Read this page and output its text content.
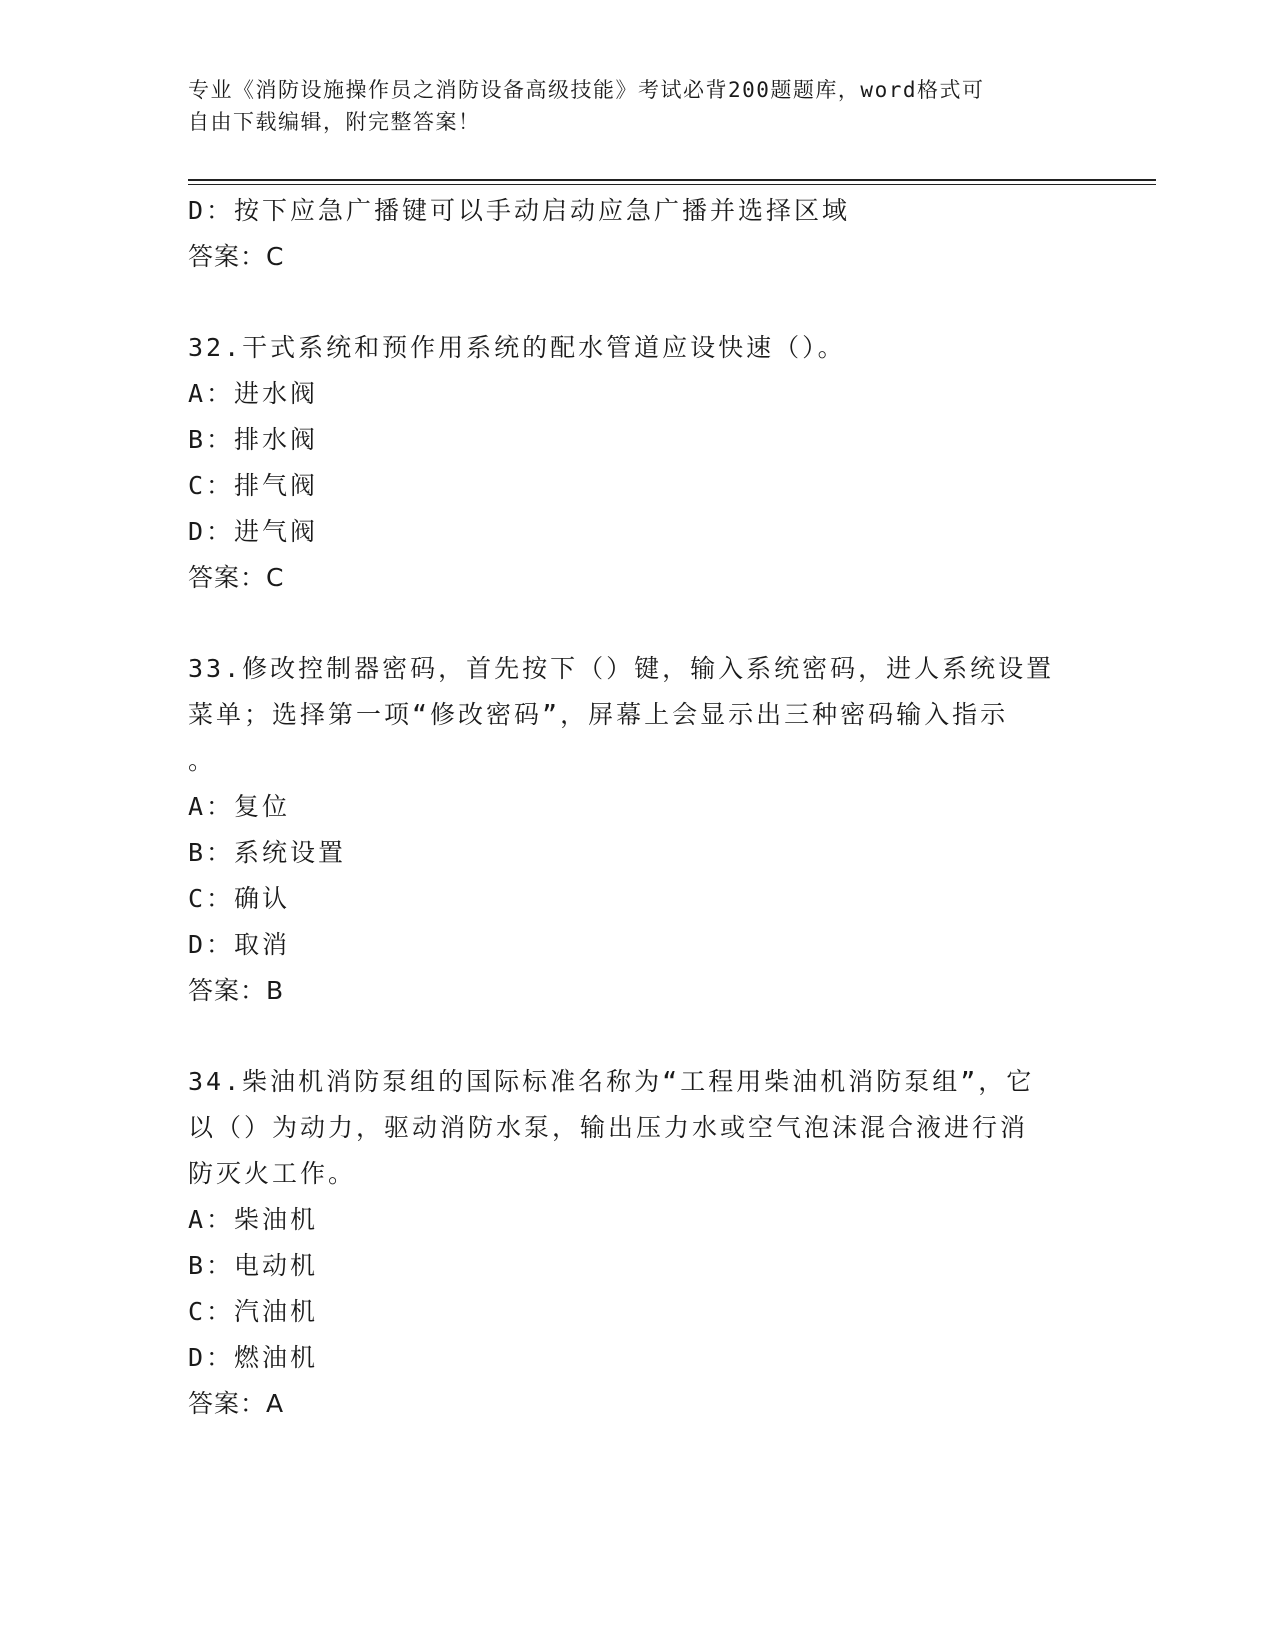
专业《消防设施操作员之消防设备高级技能》考试必背200题题库，word格式可
自由下载编辑，附完整答案！
D：按下应急广播键可以手动启动应急广播并选择区域
答案：C
32.干式系统和预作用系统的配水管道应设快速（）。
A：进水阀
B：排水阀
C：排气阀
D：进气阀
答案：C
33.修改控制器密码，首先按下（）键，输入系统密码，进人系统设置
菜单；选择第一项“修改密码”，屏幕上会显示出三种密码输入指示
。
A：复位
B：系统设置
C：确认
D：取消
答案：B
34.柴油机消防泵组的国际标准名称为“工程用柴油机消防泵组”，它
以（）为动力，驱动消防水泵，输出压力水或空气泡沫混合液进行消
防灭火工作。
A：柴油机
B：电动机
C：汽油机
D：燃油机
答案：A
